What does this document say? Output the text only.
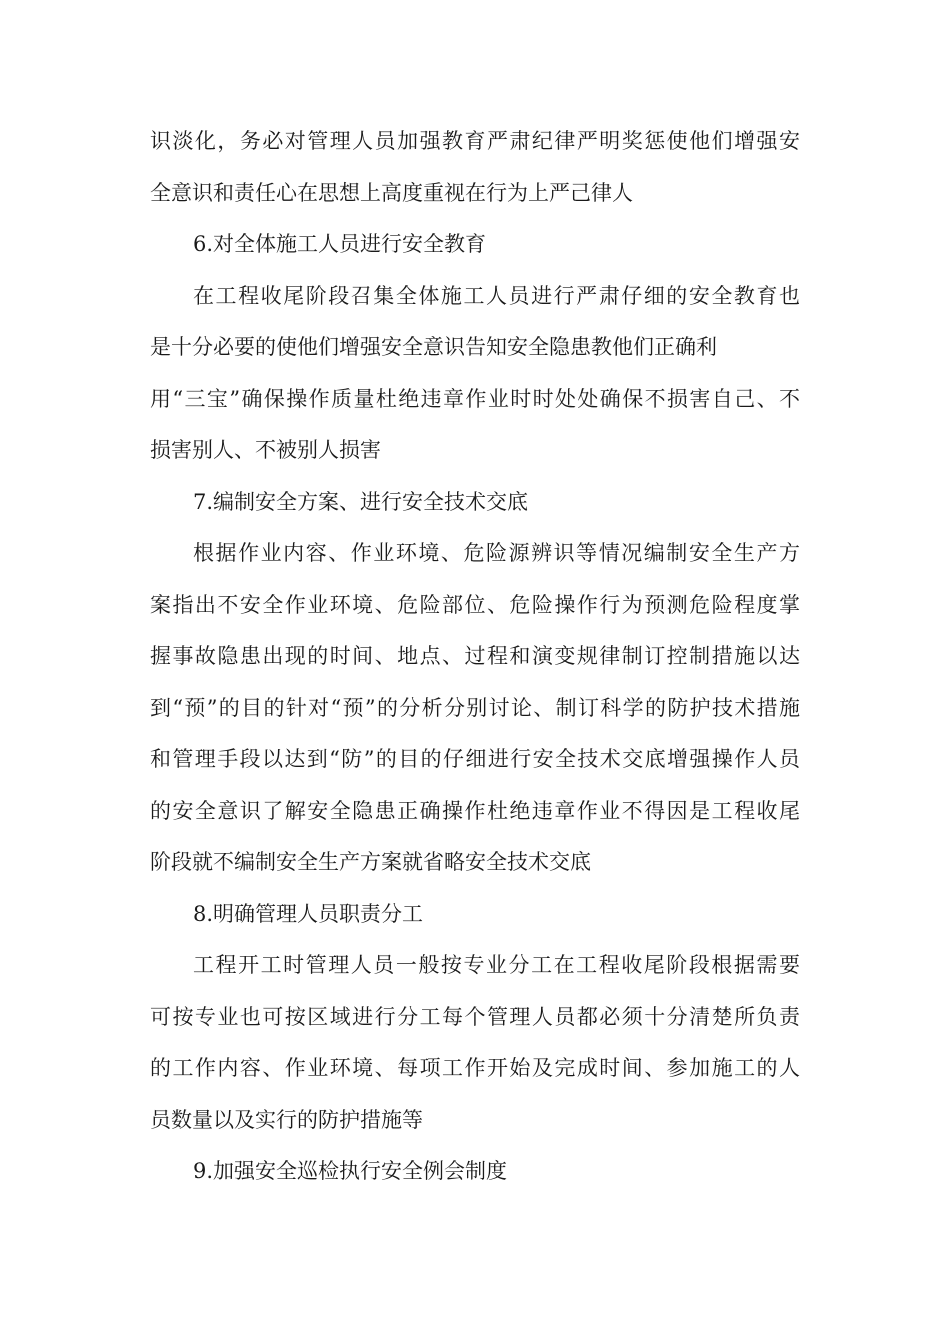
识淡化，务必对管理人员加强教育严肃纪律严明奖惩使他们增强安
全意识和责任心在思想上高度重视在行为上严己律人
6.对全体施工人员进行安全教育
在工程收尾阶段召集全体施工人员进行严肃仔细的安全教育也
是十分必要的使他们增强安全意识告知安全隐患教他们正确利
用“三宝”确保操作质量杜绝违章作业时时处处确保不损害自己、不
损害别人、不被别人损害
7.编制安全方案、进行安全技术交底
根据作业内容、作业环境、危险源辨识等情况编制安全生产方
案指出不安全作业环境、危险部位、危险操作行为预测危险程度掌
握事故隐患出现的时间、地点、过程和演变规律制订控制措施以达
到“预”的目的针对“预”的分析分别讨论、制订科学的防护技术措施
和管理手段以达到“防”的目的仔细进行安全技术交底增强操作人员
的安全意识了解安全隐患正确操作杜绝违章作业不得因是工程收尾
阶段就不编制安全生产方案就省略安全技术交底
8.明确管理人员职责分工
工程开工时管理人员一般按专业分工在工程收尾阶段根据需要
可按专业也可按区域进行分工每个管理人员都必须十分清楚所负责
的工作内容、作业环境、每项工作开始及完成时间、参加施工的人
员数量以及实行的防护措施等
9.加强安全巡检执行安全例会制度
